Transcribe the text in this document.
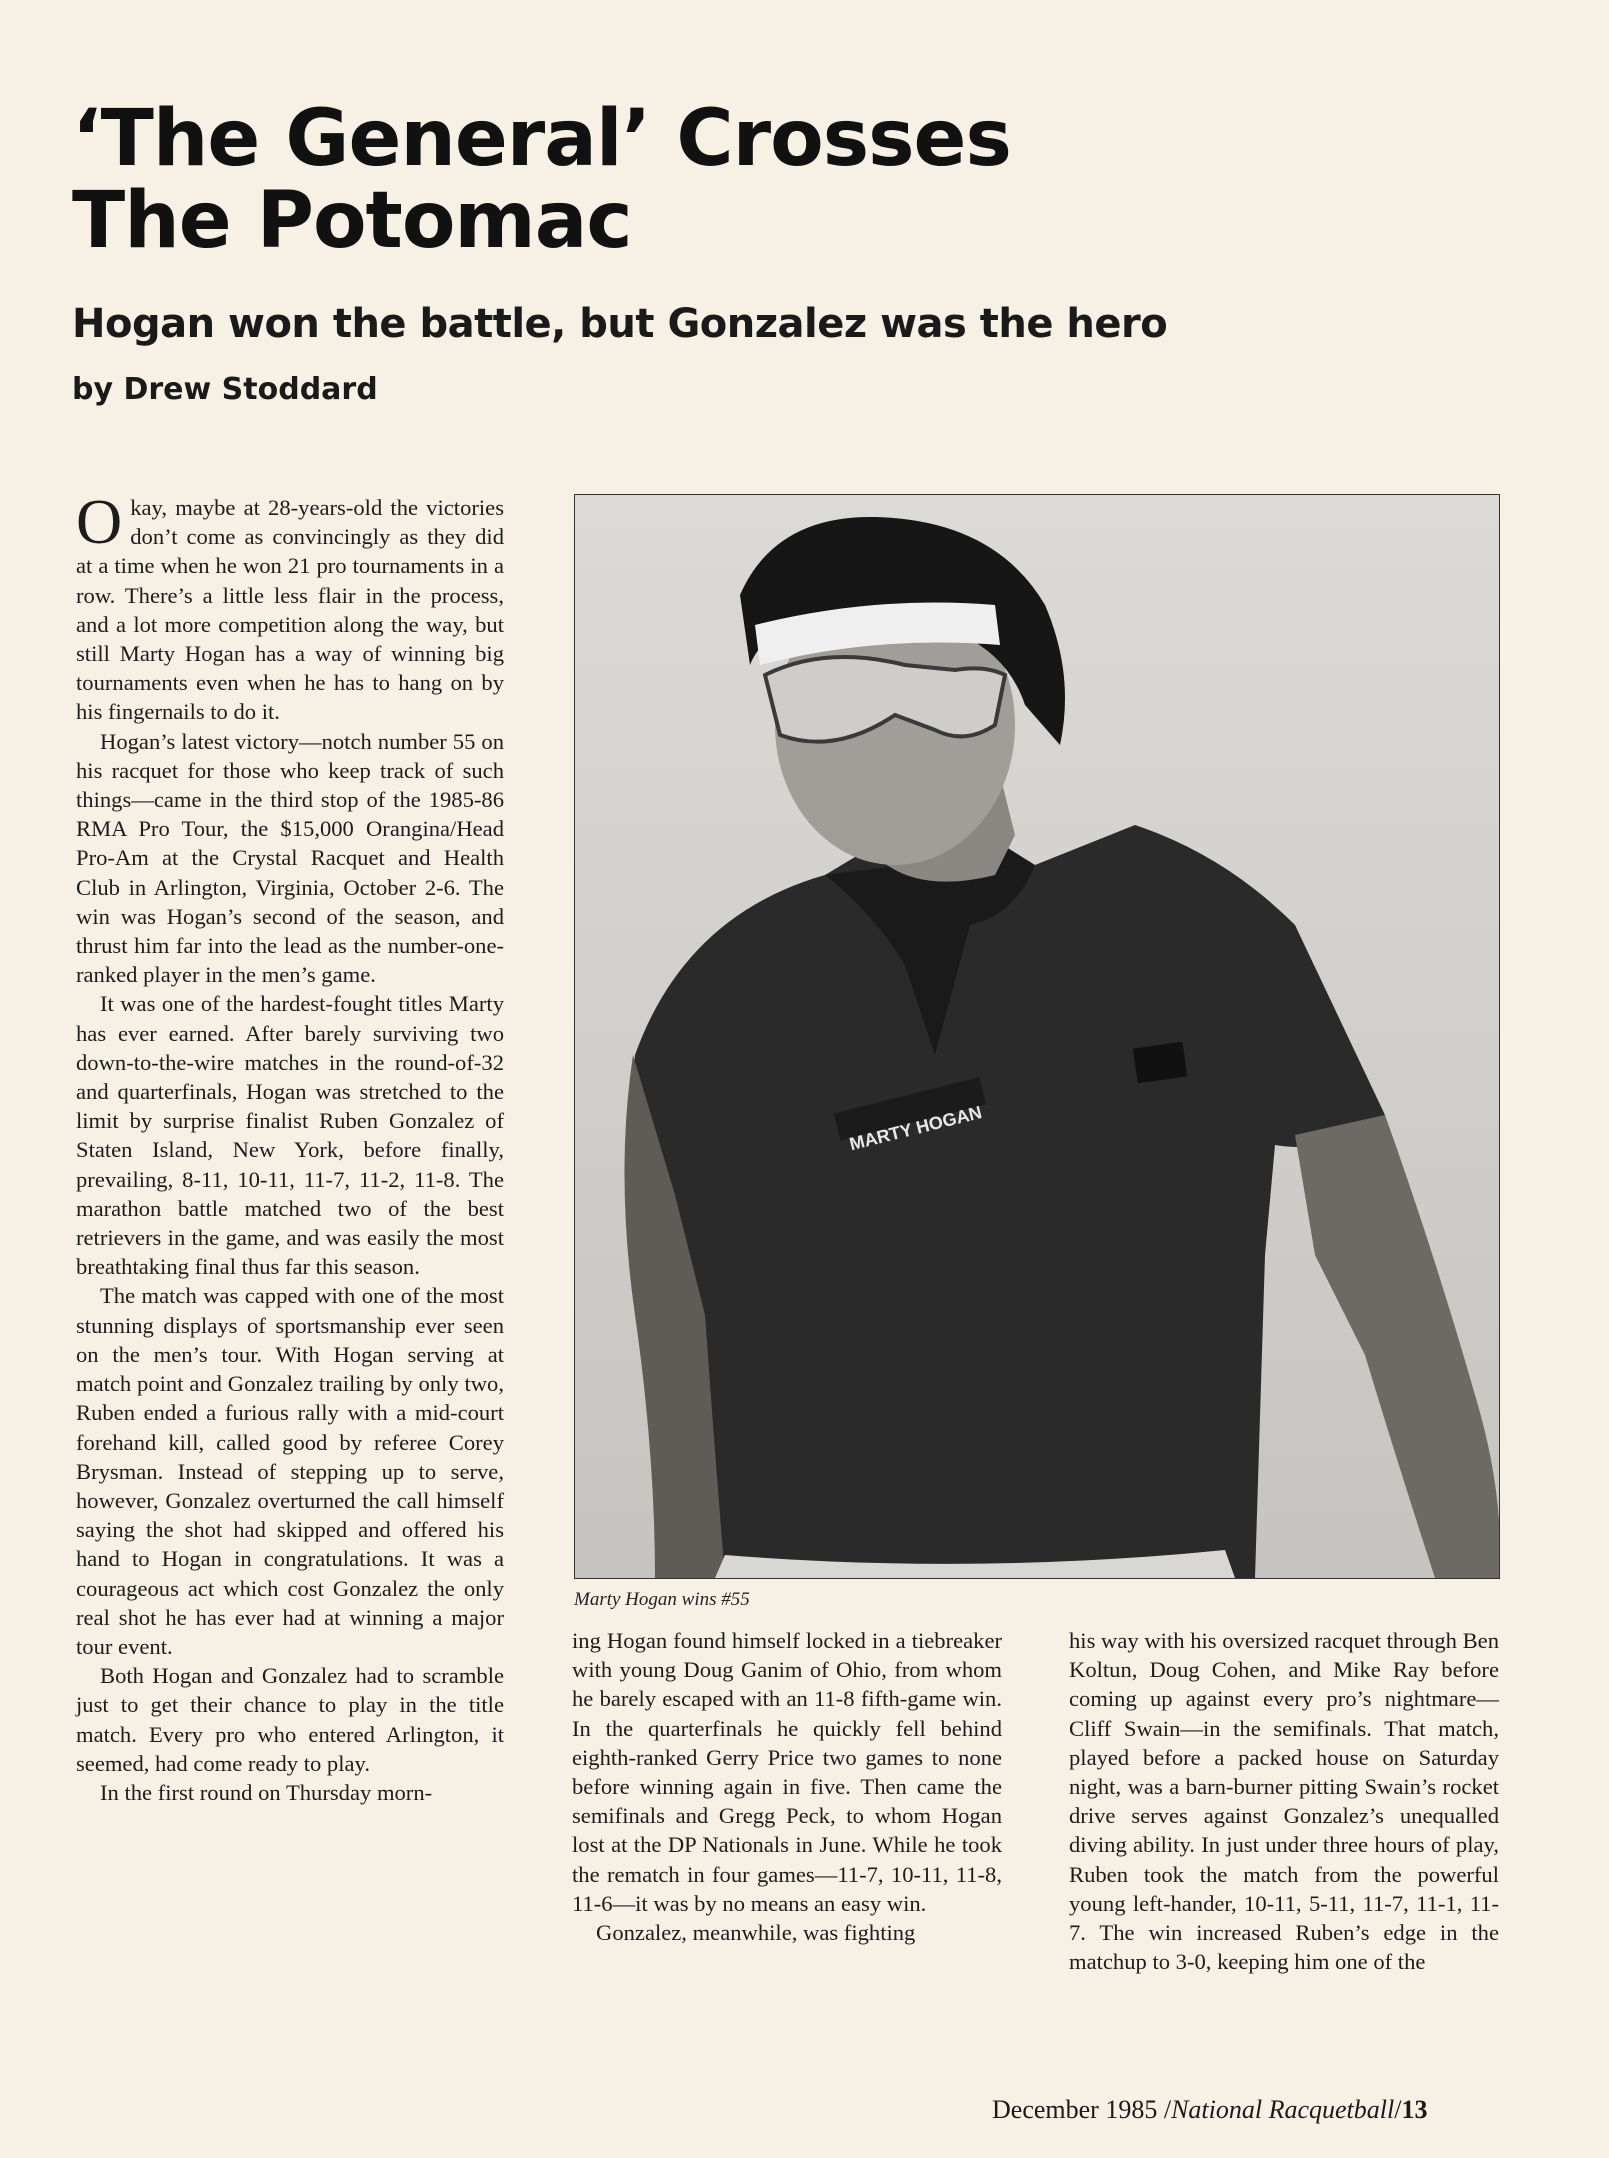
‘The General’ Crosses
The Potomac
Hogan won the battle, but Gonzalez was the hero
by Drew Stoddard

Okay, maybe at 28-years-old the victories don’t come as convincingly as they did at a time when he won 21 pro tournaments in a row. There’s a little less flair in the process, and a lot more competition along the way, but still Marty Hogan has a way of winning big tournaments even when he has to hang on by his fingernails to do it.

Hogan’s latest victory—notch number 55 on his racquet for those who keep track of such things—came in the third stop of the 1985-86 RMA Pro Tour, the $15,000 Orangina/Head Pro-Am at the Crystal Racquet and Health Club in Arlington, Virginia, October 2-6. The win was Hogan’s second of the season, and thrust him far into the lead as the number-one-ranked player in the men’s game.

It was one of the hardest-fought titles Marty has ever earned. After barely surviving two down-to-the-wire matches in the round-of-32 and quarterfinals, Hogan was stretched to the limit by surprise finalist Ruben Gonzalez of Staten Island, New York, before finally, prevailing, 8-11, 10-11, 11-7, 11-2, 11-8. The marathon battle matched two of the best retrievers in the game, and was easily the most breathtaking final thus far this season.

The match was capped with one of the most stunning displays of sportsmanship ever seen on the men’s tour. With Hogan serving at match point and Gonzalez trailing by only two, Ruben ended a furious rally with a mid-court forehand kill, called good by referee Corey Brysman. Instead of stepping up to serve, however, Gonzalez overturned the call himself saying the shot had skipped and offered his hand to Hogan in congratulations. It was a courageous act which cost Gonzalez the only real shot he has ever had at winning a major tour event.

Both Hogan and Gonzalez had to scramble just to get their chance to play in the title match. Every pro who entered Arlington, it seemed, had come ready to play.

In the first round on Thursday morn-

MARTY HOGAN
Marty Hogan wins #55

ing Hogan found himself locked in a tiebreaker with young Doug Ganim of Ohio, from whom he barely escaped with an 11-8 fifth-game win. In the quarterfinals he quickly fell behind eighth-ranked Gerry Price two games to none before winning again in five. Then came the semifinals and Gregg Peck, to whom Hogan lost at the DP Nationals in June. While he took the rematch in four games—11-7, 10-11, 11-8, 11-6—it was by no means an easy win.

Gonzalez, meanwhile, was fighting

his way with his oversized racquet through Ben Koltun, Doug Cohen, and Mike Ray before coming up against every pro’s nightmare—Cliff Swain—in the semifinals. That match, played before a packed house on Saturday night, was a barn-burner pitting Swain’s rocket drive serves against Gonzalez’s unequalled diving ability. In just under three hours of play, Ruben took the match from the powerful young left-hander, 10-11, 5-11, 11-7, 11-1, 11-7. The win increased Ruben’s edge in the matchup to 3-0, keeping him one of the

December 1985 /National Racquetball/13
